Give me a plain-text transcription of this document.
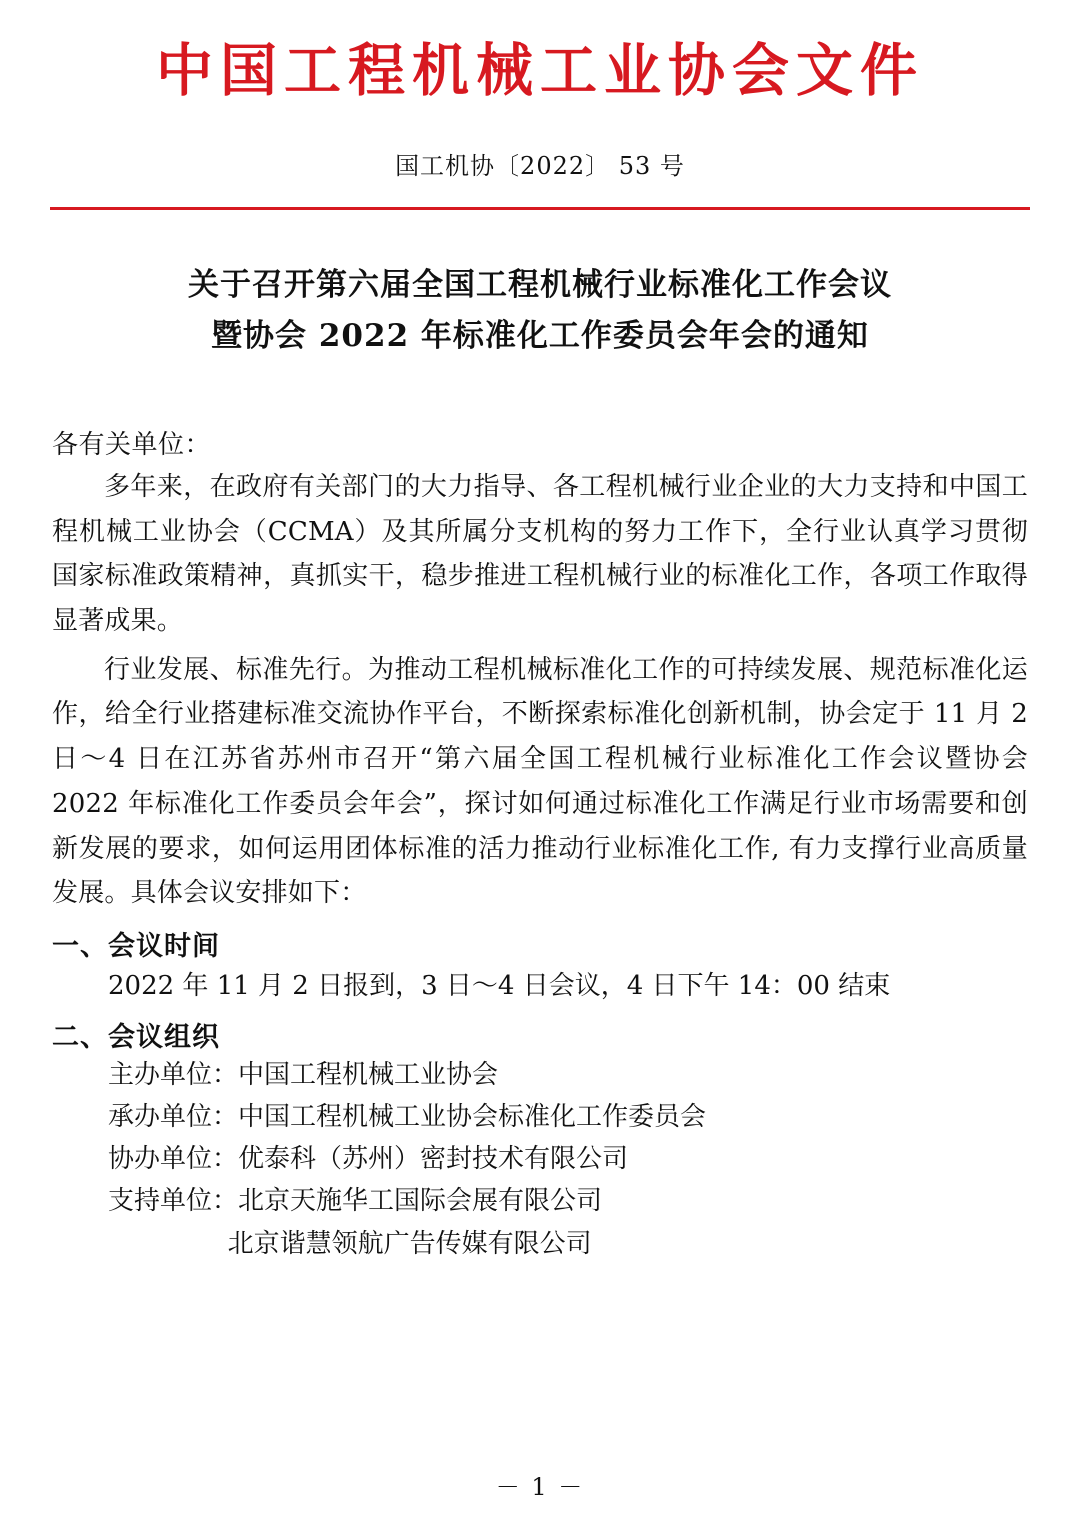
中国工程机械工业协会文件
国工机协〔2022〕 53 号
关于召开第六届全国工程机械行业标准化工作会议
暨协会 2022 年标准化工作委员会年会的通知
各有关单位：
多年来，在政府有关部门的大力指导、各工程机械行业企业的大力支持和中国工程机械工业协会（CCMA）及其所属分支机构的努力工作下，全行业认真学习贯彻国家标准政策精神，真抓实干，稳步推进工程机械行业的标准化工作，各项工作取得显著成果。
行业发展、标准先行。为推动工程机械标准化工作的可持续发展、规范标准化运作，给全行业搭建标准交流协作平台，不断探索标准化创新机制，协会定于 11 月 2 日～4 日在江苏省苏州市召开“第六届全国工程机械行业标准化工作会议暨协会 2022 年标准化工作委员会年会”，探讨如何通过标准化工作满足行业市场需要和创新发展的要求，如何运用团体标准的活力推动行业标准化工作, 有力支撑行业高质量发展。具体会议安排如下：
一、会议时间
2022 年 11 月 2 日报到，3 日～4 日会议，4 日下午 14：00 结束
二、会议组织
主办单位：中国工程机械工业协会
承办单位：中国工程机械工业协会标准化工作委员会
协办单位：优泰科（苏州）密封技术有限公司
支持单位：北京天施华工国际会展有限公司
北京谐慧领航广告传媒有限公司
－ 1 －
